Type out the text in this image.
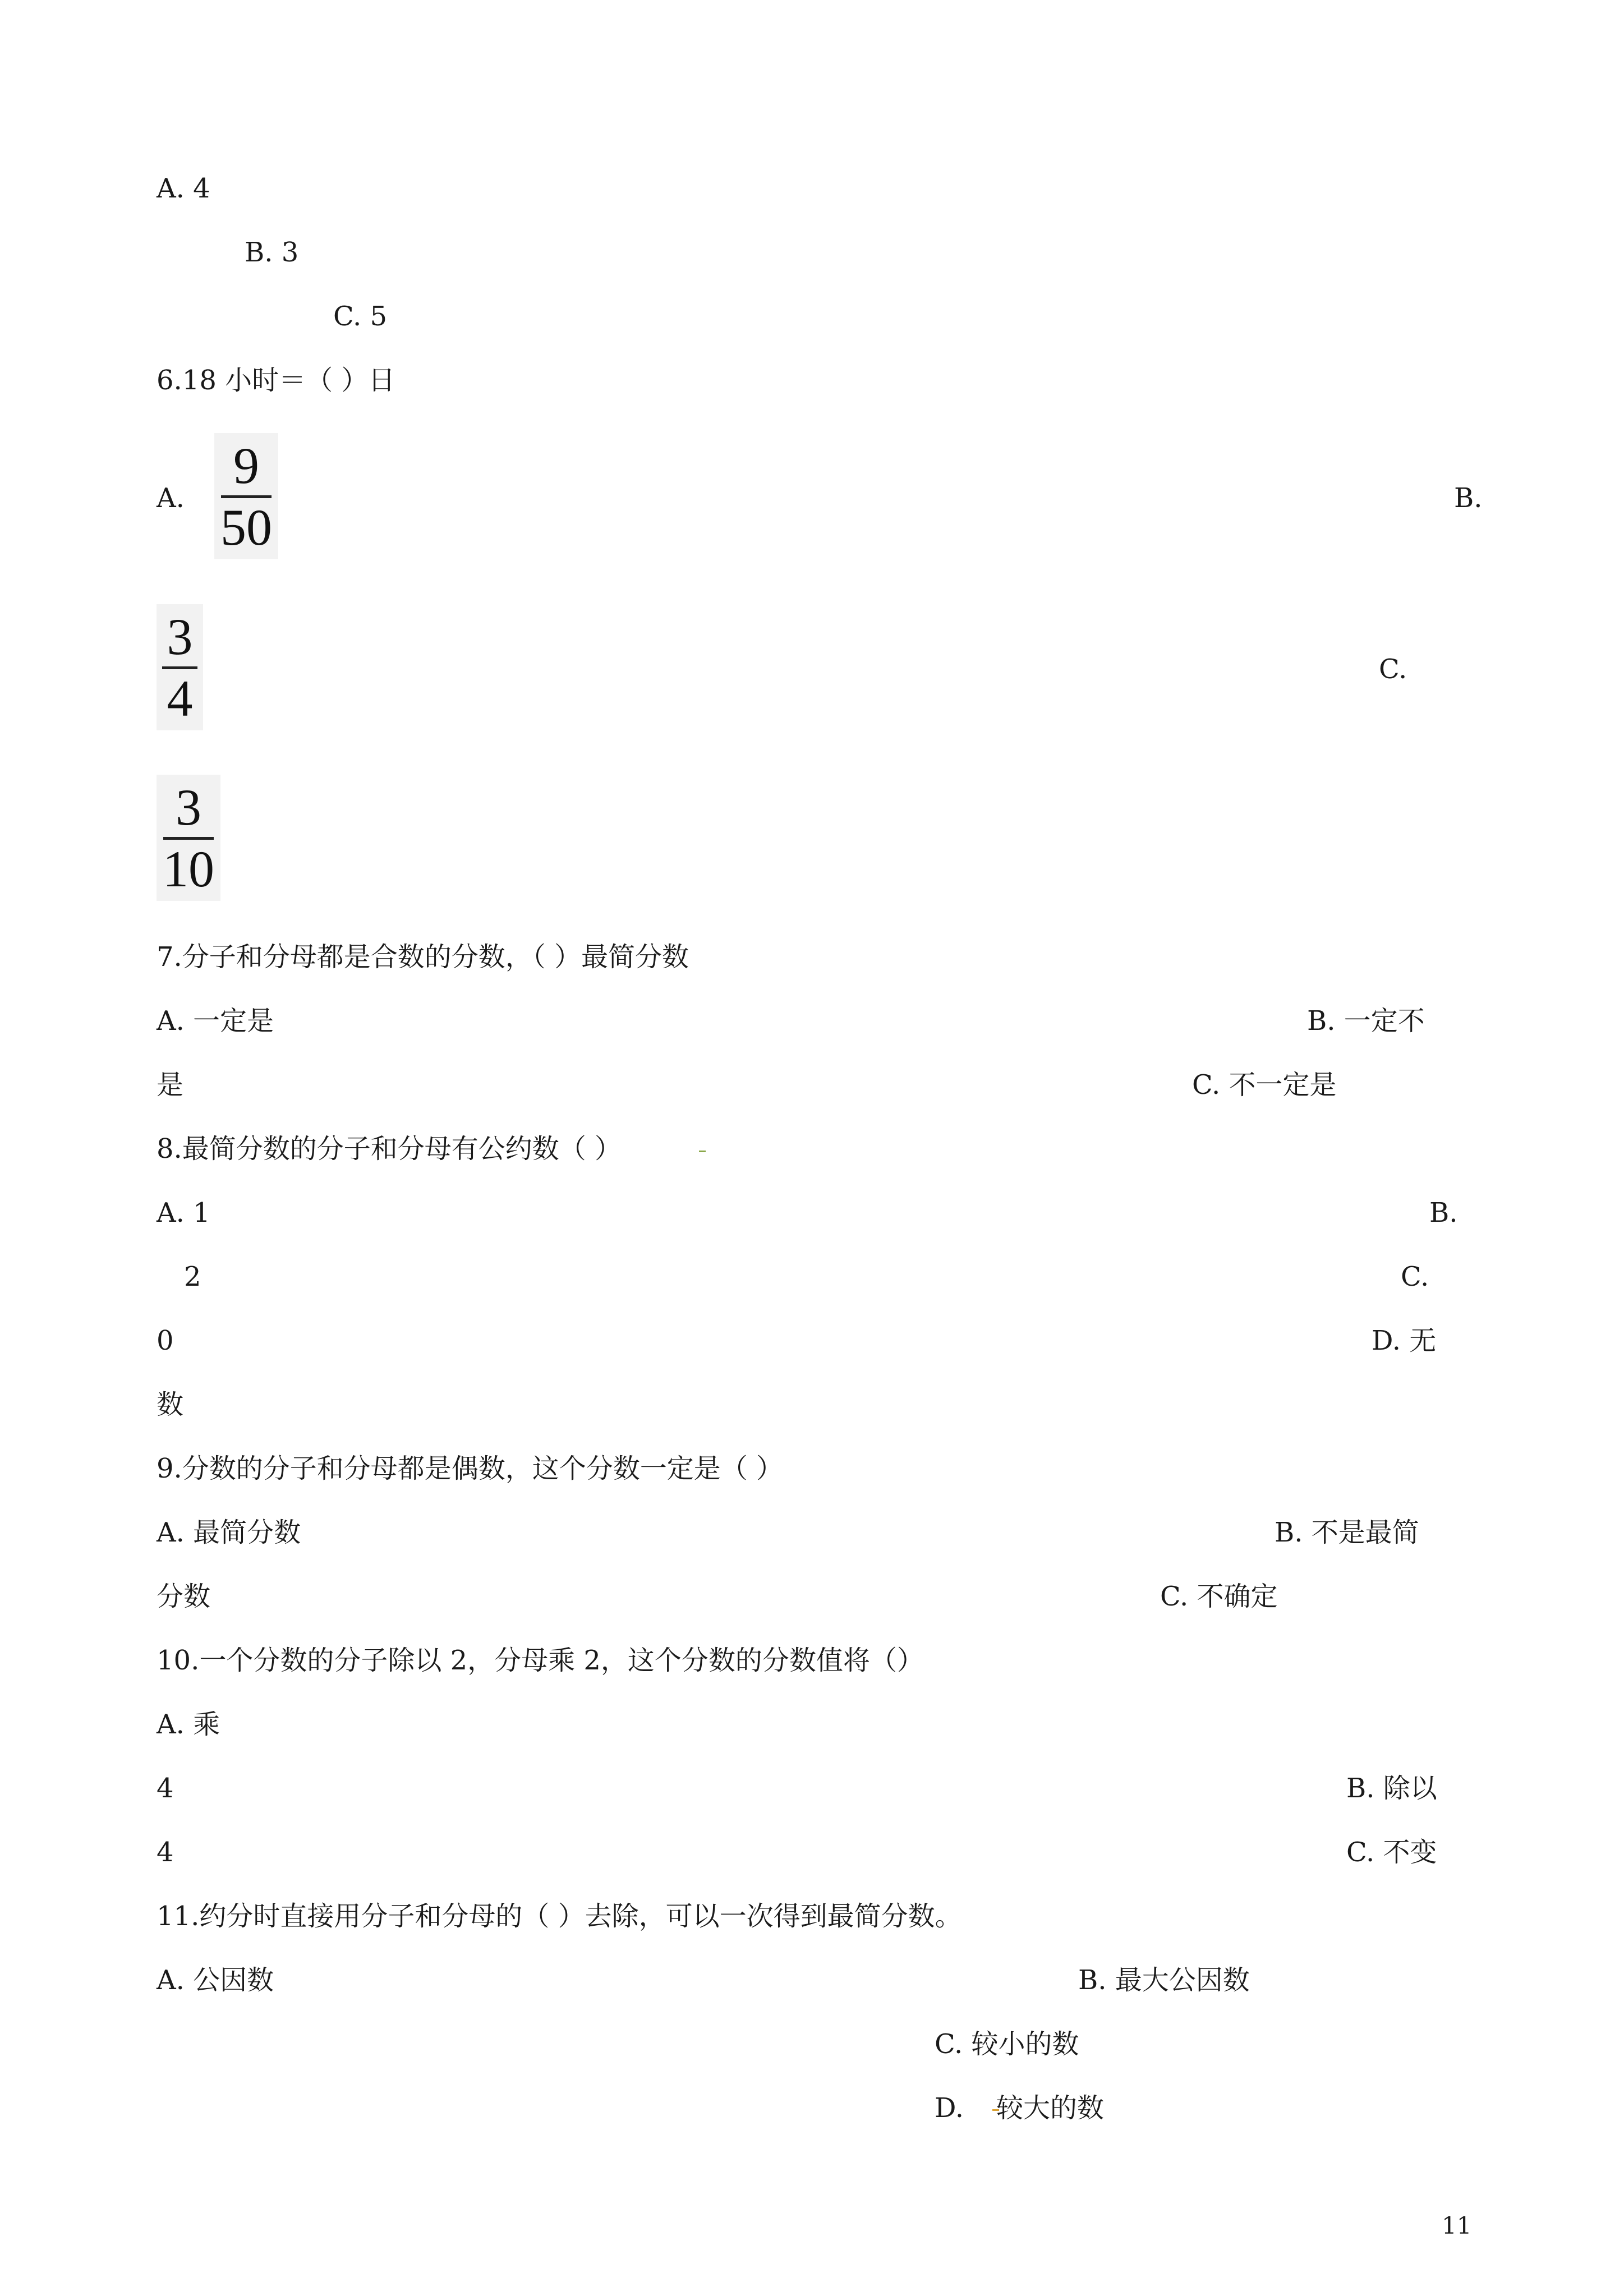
A. 4
B. 3
C. 5
6.18 小时＝（ ）日
A.
9
50
B.
3
4
C.
3
10
7.分子和分母都是合数的分数，（ ）最简分数
A. 一定是	B. 一定不
是	C. 不一定是
8.最简分数的分子和分母有公约数（ ）
A. 1	B.
2	C.
0	D. 无
数
9.分数的分子和分母都是偶数，这个分数一定是（ ）
A. 最简分数	B. 不是最简
分数	C. 不确定
10.一个分数的分子除以 2，分母乘 2，这个分数的分数值将（）
A. 乘
4	B. 除以
4	C. 不变
11.约分时直接用分子和分母的（ ）去除，可以一次得到最简分数。
A. 公因数	B. 最大公因数
C. 较小的数
D. 较大的数
11
